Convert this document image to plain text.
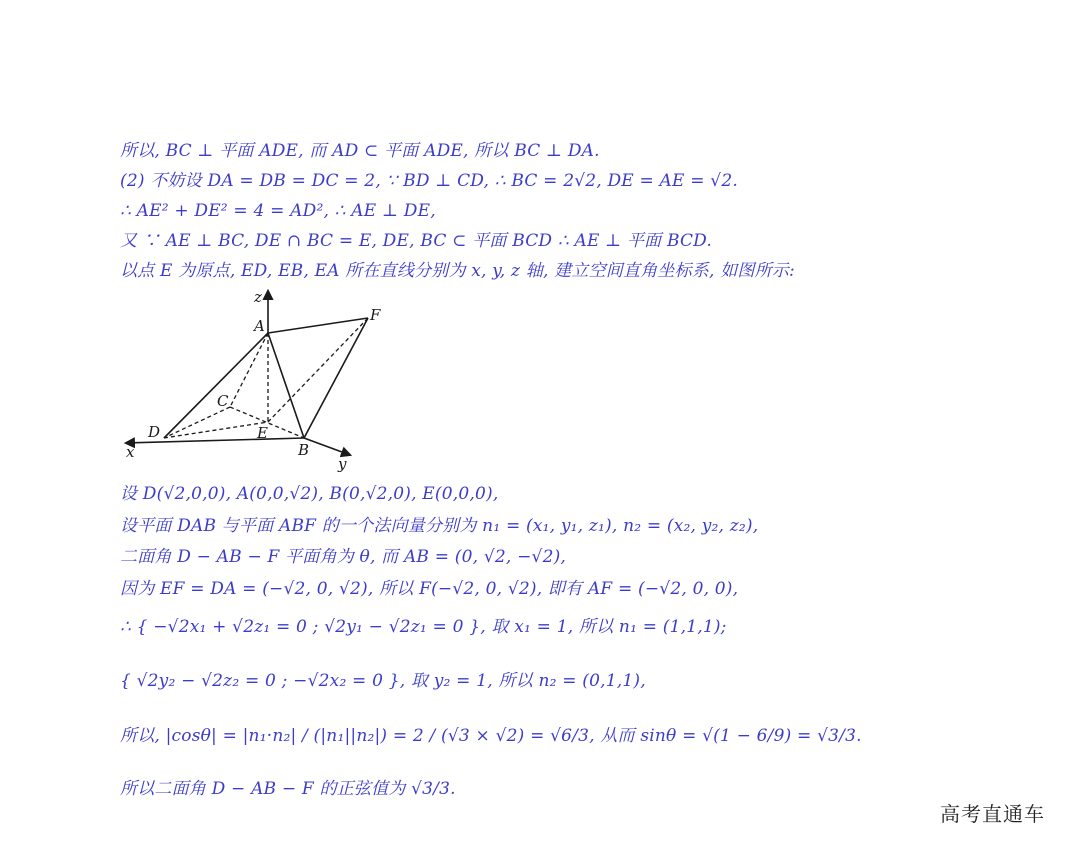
所以, BC ⊥ 平面 ADE, 而 AD ⊂ 平面 ADE, 所以 BC ⊥ DA.
(2) 不妨设 DA = DB = DC = 2, ∵ BD ⊥ CD, ∴ BC = 2√2, DE = AE = √2.
∴ AE² + DE² = 4 = AD², ∴ AE ⊥ DE,
又 ∵ AE ⊥ BC, DE ∩ BC = E, DE, BC ⊂ 平面 BCD ∴ AE ⊥ 平面 BCD.
以点 E 为原点, ED, EB, EA 所在直线分别为 x, y, z 轴, 建立空间直角坐标系, 如图所示:
z
A
F
C
D	E
B
x
y
设 D(√2,0,0), A(0,0,√2), B(0,√2,0), E(0,0,0),
设平面 DAB 与平面 ABF 的一个法向量分别为 n₁ = (x₁, y₁, z₁), n₂ = (x₂, y₂, z₂),
二面角 D − AB − F 平面角为 θ, 而 AB = (0, √2, −√2),
因为 EF = DA = (−√2, 0, √2), 所以 F(−√2, 0, √2), 即有 AF = (−√2, 0, 0),
∴ { −√2x₁ + √2z₁ = 0 ; √2y₁ − √2z₁ = 0 }, 取 x₁ = 1, 所以 n₁ = (1,1,1);
{ √2y₂ − √2z₂ = 0 ; −√2x₂ = 0 }, 取 y₂ = 1, 所以 n₂ = (0,1,1),
所以, |cosθ| = |n₁·n₂| / (|n₁||n₂|) = 2 / (√3 × √2) = √6/3, 从而 sinθ = √(1 − 6/9) = √3/3.
所以二面角 D − AB − F 的正弦值为 √3/3.
高考直通车
